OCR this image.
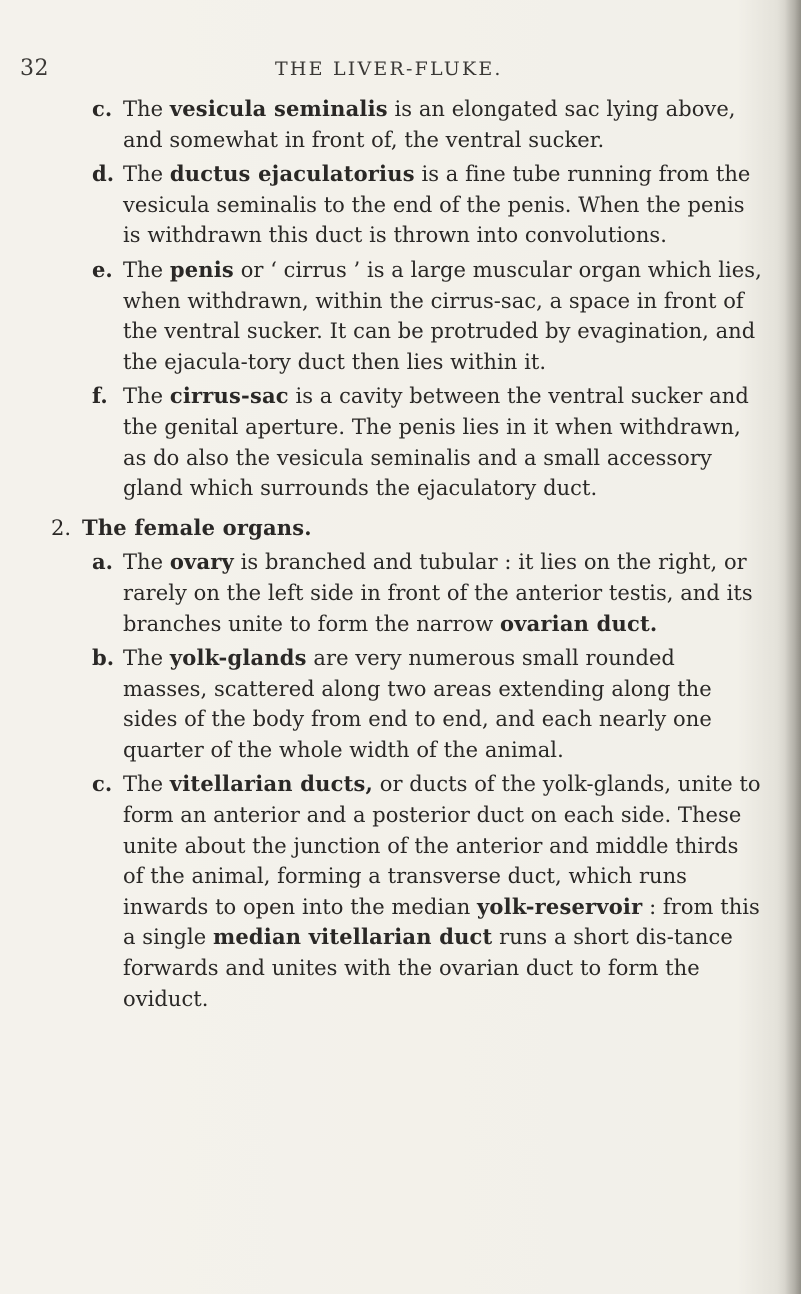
32	THE LIVER-FLUKE.
c. The vesicula seminalis is an elongated sac lying above, and somewhat in front of, the ventral sucker.
d. The ductus ejaculatorius is a fine tube running from the vesicula seminalis to the end of the penis. When the penis is withdrawn this duct is thrown into convolutions.
e. The penis or ‘ cirrus ’ is a large muscular organ which lies, when withdrawn, within the cirrus-sac, a space in front of the ventral sucker. It can be protruded by evagination, and the ejacula-tory duct then lies within it.
f. The cirrus-sac is a cavity between the ventral sucker and the genital aperture. The penis lies in it when withdrawn, as do also the vesicula seminalis and a small accessory gland which surrounds the ejaculatory duct.
2. The female organs.
a. The ovary is branched and tubular : it lies on the right, or rarely on the left side in front of the anterior testis, and its branches unite to form the narrow ovarian duct.
b. The yolk-glands are very numerous small rounded masses, scattered along two areas extending along the sides of the body from end to end, and each nearly one quarter of the whole width of the animal.
c. The vitellarian ducts, or ducts of the yolk-glands, unite to form an anterior and a posterior duct on each side. These unite about the junction of the anterior and middle thirds of the animal, forming a transverse duct, which runs inwards to open into the median yolk-reservoir : from this a single median vitellarian duct runs a short dis-tance forwards and unites with the ovarian duct to form the oviduct.
